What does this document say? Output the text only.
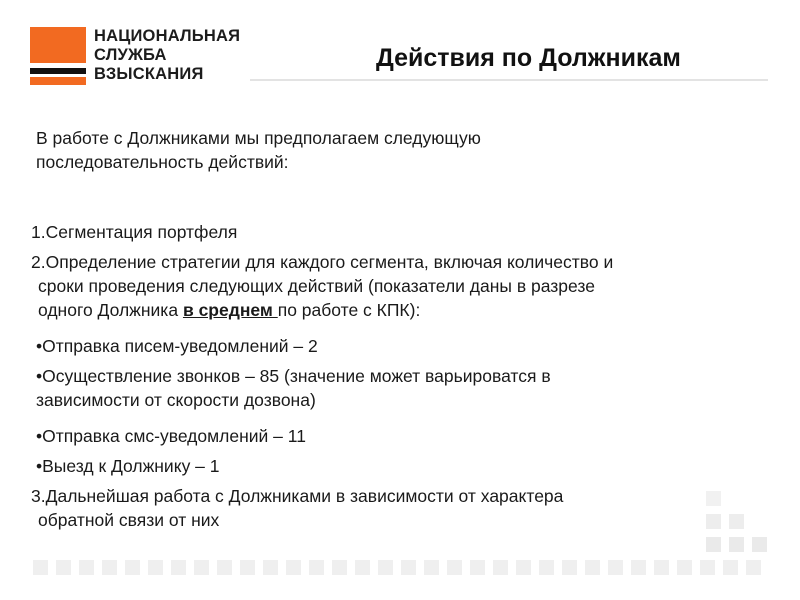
НАЦИОНАЛЬНАЯ
СЛУЖБА
ВЗЫСКАНИЯ
Действия по Должникам
В работе с Должниками мы предполагаем следующую
последовательность действий:
1.Сегментация портфеля
2.Определение стратегии для каждого сегмента, включая количество и
сроки проведения следующих действий (показатели даны в разрезе
одного Должника в среднем по работе с КПК):
•Отправка писем-уведомлений – 2
•Осуществление звонков – 85 (значение может варьироватся в
зависимости от скорости дозвона)
•Отправка смс-уведомлений – 11
•Выезд к Должнику – 1
3.Дальнейшая работа с Должниками в зависимости от характера
обратной связи от них
